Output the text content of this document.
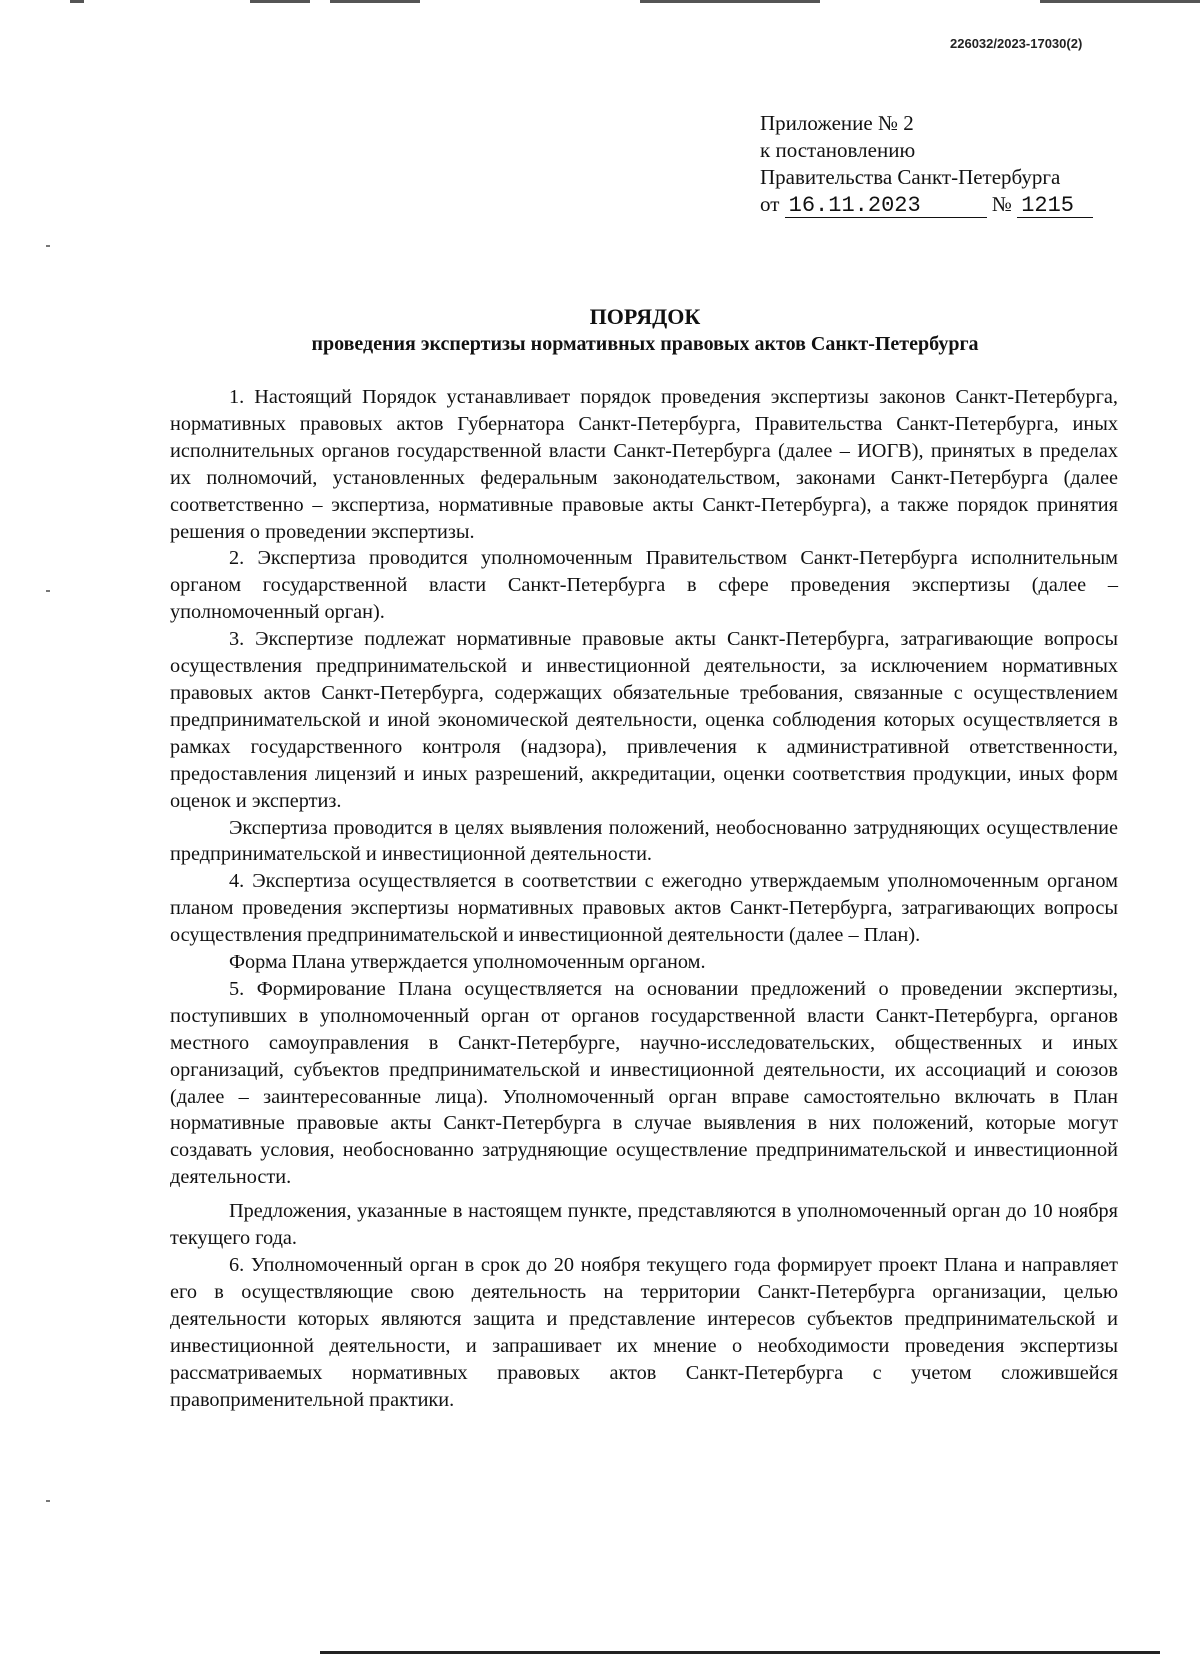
226032/2023-17030(2)
Приложение № 2
к постановлению
Правительства Санкт-Петербурга
от 16.11.2023	№ 1215
ПОРЯДОК
проведения экспертизы нормативных правовых актов Санкт-Петербурга

1. Настоящий Порядок устанавливает порядок проведения экспертизы законов Санкт-Петербурга, нормативных правовых актов Губернатора Санкт-Петербурга, Правительства Санкт-Петербурга, иных исполнительных органов государственной власти Санкт-Петербурга (далее – ИОГВ), принятых в пределах их полномочий, установленных федеральным законодательством, законами Санкт-Петербурга (далее соответственно – экспертиза, нормативные правовые акты Санкт-Петербурга), а также порядок принятия решения о проведении экспертизы.

2. Экспертиза проводится уполномоченным Правительством Санкт-Петербурга исполнительным органом государственной власти Санкт-Петербурга в сфере проведения экспертизы (далее – уполномоченный орган).

3. Экспертизе подлежат нормативные правовые акты Санкт-Петербурга, затрагивающие вопросы осуществления предпринимательской и инвестиционной деятельности, за исключением нормативных правовых актов Санкт-Петербурга, содержащих обязательные требования, связанные с осуществлением предпринимательской и иной экономической деятельности, оценка соблюдения которых осуществляется в рамках государственного контроля (надзора), привлечения к административной ответственности, предоставления лицензий и иных разрешений, аккредитации, оценки соответствия продукции, иных форм оценок и экспертиз.

Экспертиза проводится в целях выявления положений, необоснованно затрудняющих осуществление предпринимательской и инвестиционной деятельности.

4. Экспертиза осуществляется в соответствии с ежегодно утверждаемым уполномоченным органом планом проведения экспертизы нормативных правовых актов Санкт-Петербурга, затрагивающих вопросы осуществления предпринимательской и инвестиционной деятельности (далее – План).

Форма Плана утверждается уполномоченным органом.

5. Формирование Плана осуществляется на основании предложений о проведении экспертизы, поступивших в уполномоченный орган от органов государственной власти Санкт-Петербурга, органов местного самоуправления в Санкт-Петербурге, научно-исследовательских, общественных и иных организаций, субъектов предпринимательской и инвестиционной деятельности, их ассоциаций и союзов (далее – заинтересованные лица). Уполномоченный орган вправе самостоятельно включать в План нормативные правовые акты Санкт-Петербурга в случае выявления в них положений, которые могут создавать условия, необоснованно затрудняющие осуществление предпринимательской и инвестиционной деятельности.

Предложения, указанные в настоящем пункте, представляются в уполномоченный орган до 10 ноября текущего года.

6. Уполномоченный орган в срок до 20 ноября текущего года формирует проект Плана и направляет его в осуществляющие свою деятельность на территории Санкт-Петербурга организации, целью деятельности которых являются защита и представление интересов субъектов предпринимательской и инвестиционной деятельности, и запрашивает их мнение о необходимости проведения экспертизы рассматриваемых нормативных правовых актов Санкт-Петербурга с учетом сложившейся правоприменительной практики.
